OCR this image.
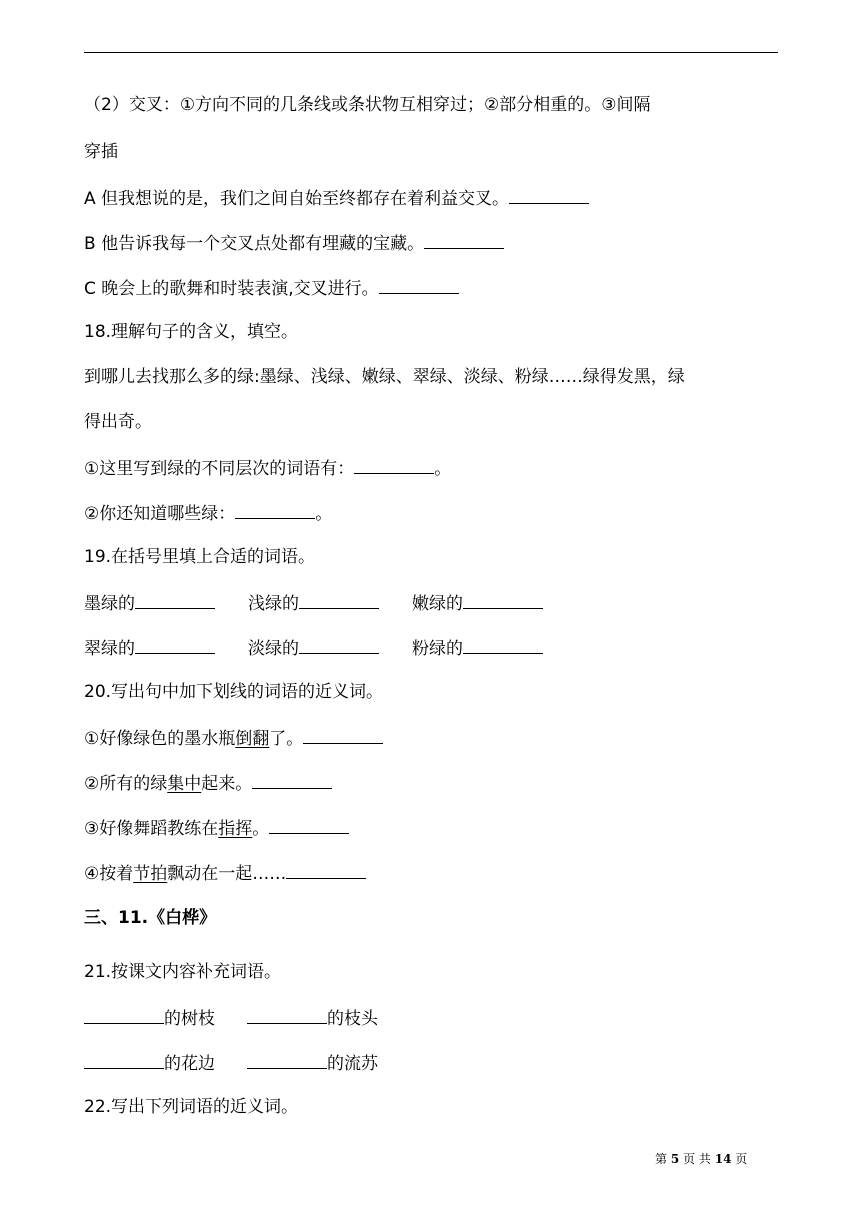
（2）交叉：①方向不同的几条线或条状物互相穿过；②部分相重的。③间隔
穿插
A 但我想说的是，我们之间自始至终都存在着利益交叉。
B 他告诉我每一个交叉点处都有埋藏的宝藏。
C 晚会上的歌舞和时装表演,交叉进行。
18.理解句子的含义，填空。
到哪儿去找那么多的绿:墨绿、浅绿、嫩绿、翠绿、淡绿、粉绿……绿得发黑，绿
得出奇。
①这里写到绿的不同层次的词语有：	。
②你还知道哪些绿：	。
19.在括号里填上合适的词语。
墨绿的	浅绿的	嫩绿的
翠绿的	淡绿的	粉绿的
20.写出句中加下划线的词语的近义词。
①好像绿色的墨水瓶倒翻了。
②所有的绿集中起来。
③好像舞蹈教练在指挥。
④按着节拍飘动在一起……
三、11.《白桦》
21.按课文内容补充词语。
的树枝	的枝头
的花边	的流苏
22.写出下列词语的近义词。
第 5 页 共 14 页
